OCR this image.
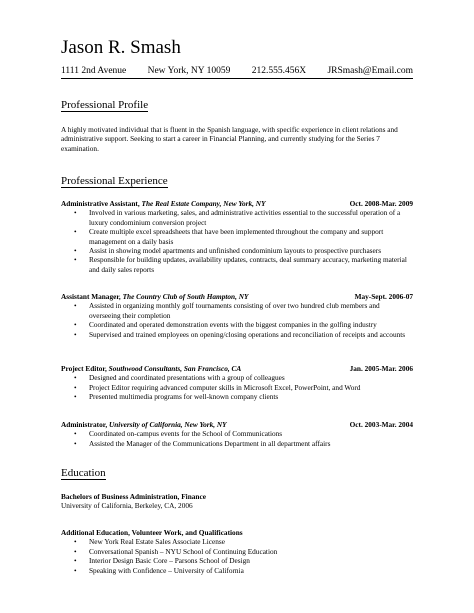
Jason R. Smash
1111 2nd Avenue New York, NY 10059 212.555.456X JRSmash@Email.com
Professional Profile
A highly motivated individual that is fluent in the Spanish language, with specific experience in client relations and administrative support. Seeking to start a career in Financial Planning, and currently studying for the Series 7 examination.
Professional Experience
Administrative Assistant, The Real Estate Company, New York, NY	Oct. 2008-Mar. 2009
• Involved in various marketing, sales, and administrative activities essential to the successful operation of a luxury condominium conversion project
• Create multiple excel spreadsheets that have been implemented throughout the company and support management on a daily basis
• Assist in showing model apartments and unfinished condominium layouts to prospective purchasers
• Responsible for building updates, availability updates, contracts, deal summary accuracy, marketing material and daily sales reports
Assistant Manager, The Country Club of South Hampton, NY	May-Sept. 2006-07
• Assisted in organizing monthly golf tournaments consisting of over two hundred club members and overseeing their completion
• Coordinated and operated demonstration events with the biggest companies in the golfing industry
• Supervised and trained employees on opening/closing operations and reconciliation of receipts and accounts
Project Editor, Southwood Consultants, San Francisco, CA	Jan. 2005-Mar. 2006
• Designed and coordinated presentations with a group of colleagues
• Project Editor requiring advanced computer skills in Microsoft Excel, PowerPoint, and Word
• Presented multimedia programs for well-known company clients
Administrator, University of California, New York, NY	Oct. 2003-Mar. 2004
• Coordinated on-campus events for the School of Communications
• Assisted the Manager of the Communications Department in all department affairs
Education
Bachelors of Business Administration, Finance
University of California, Berkeley, CA, 2006
Additional Education, Volunteer Work, and Qualifications
• New York Real Estate Sales Associate License
• Conversational Spanish – NYU School of Continuing Education
• Interior Design Basic Core – Parsons School of Design
• Speaking with Confidence – University of California
